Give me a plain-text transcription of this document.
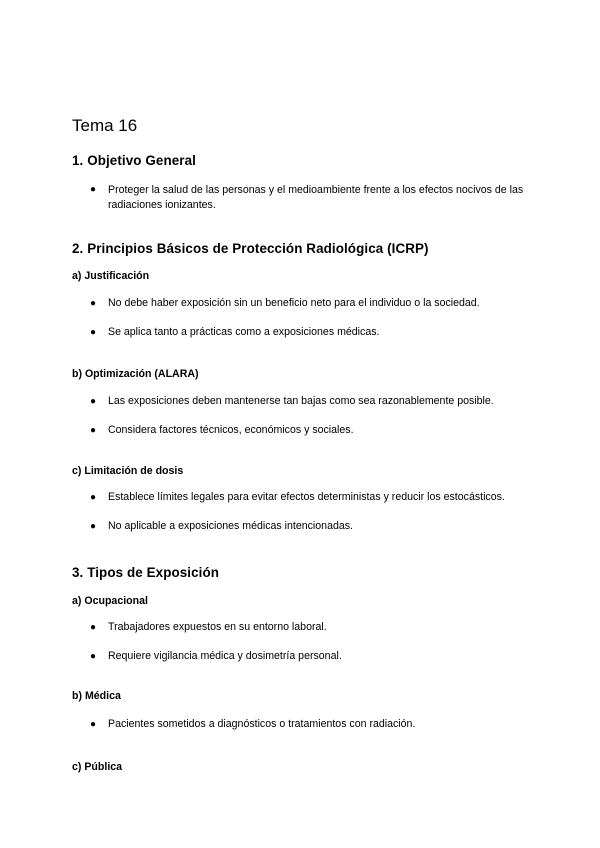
Tema 16
1. Objetivo General
● Proteger la salud de las personas y el medioambiente frente a los efectos nocivos de las radiaciones ionizantes.

2. Principios Básicos de Protección Radiológica (ICRP)
a) Justificación
● No debe haber exposición sin un beneficio neto para el individuo o la sociedad.

● Se aplica tanto a prácticas como a exposiciones médicas.

b) Optimización (ALARA)
● Las exposiciones deben mantenerse tan bajas como sea razonablemente posible.

● Considera factores técnicos, económicos y sociales.

c) Limitación de dosis
● Establece límites legales para evitar efectos deterministas y reducir los estocásticos.

● No aplicable a exposiciones médicas intencionadas.

3. Tipos de Exposición
a) Ocupacional
● Trabajadores expuestos en su entorno laboral.

● Requiere vigilancia médica y dosimetría personal.

b) Médica
● Pacientes sometidos a diagnósticos o tratamientos con radiación.

c) Pública
